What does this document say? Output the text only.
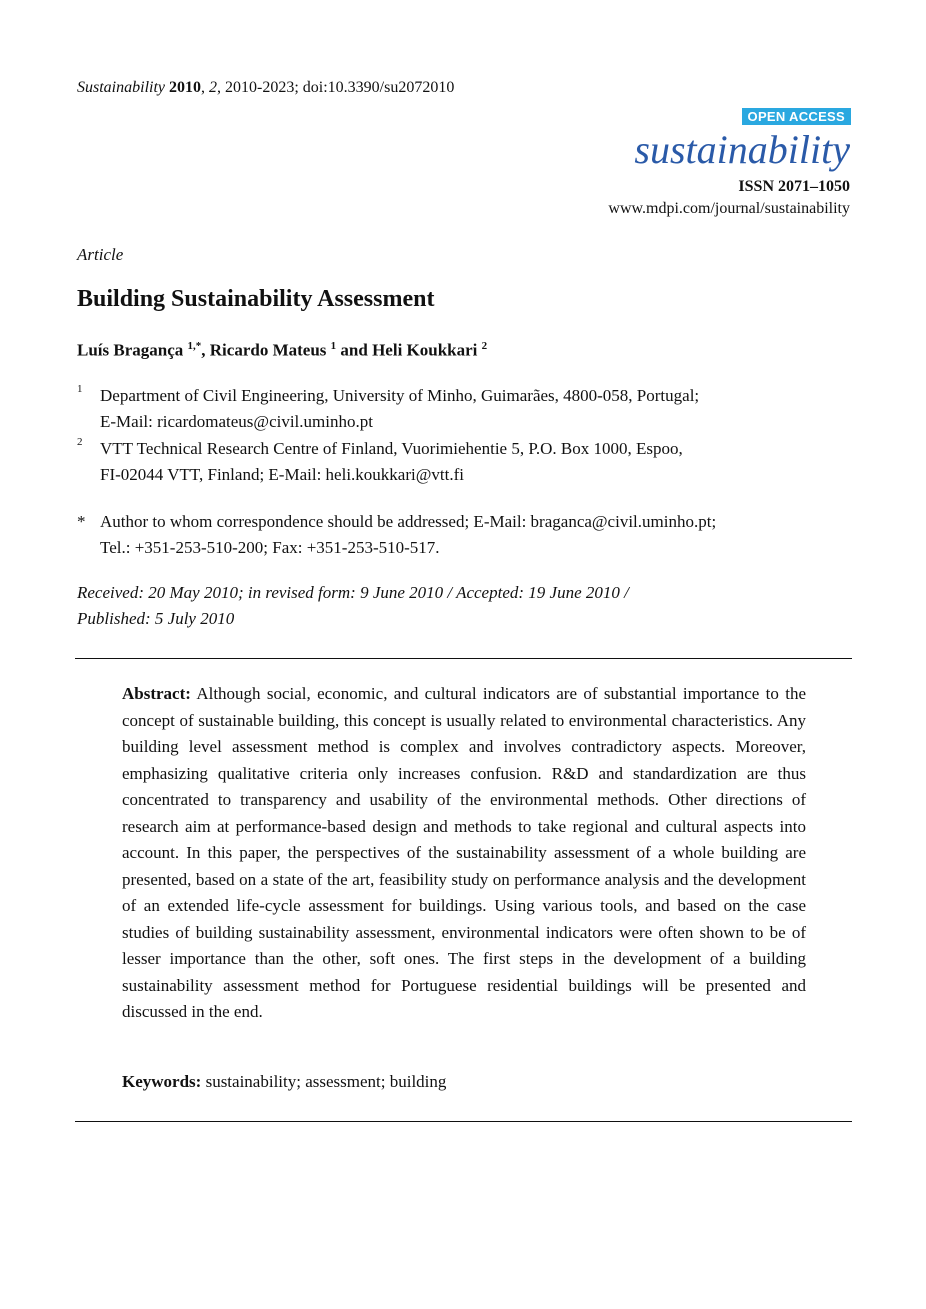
Sustainability 2010, 2, 2010-2023; doi:10.3390/su2072010
OPEN ACCESS
sustainability
ISSN 2071–1050
www.mdpi.com/journal/sustainability
Article
Building Sustainability Assessment
Luís Bragança $^{1,*}$, Ricardo Mateus $^1$ and Heli Koukkari $^2$
1 Department of Civil Engineering, University of Minho, Guimarães, 4800-058, Portugal;
E-Mail: ricardomateus@civil.uminho.pt
2 VTT Technical Research Centre of Finland, Vuorimiehentie 5, P.O. Box 1000, Espoo,
FI-02044 VTT, Finland; E-Mail: heli.koukkari@vtt.fi
* Author to whom correspondence should be addressed; E-Mail: braganca@civil.uminho.pt;
Tel.: +351-253-510-200; Fax: +351-253-510-517.
Received: 20 May 2010; in revised form: 9 June 2010 / Accepted: 19 June 2010 /
Published: 5 July 2010

Abstract: Although social, economic, and cultural indicators are of substantial importance to the concept of sustainable building, this concept is usually related to environmental characteristics. Any building level assessment method is complex and involves contradictory aspects. Moreover, emphasizing qualitative criteria only increases confusion. R&D and standardization are thus concentrated to transparency and usability of the environmental methods. Other directions of research aim at performance-based design and methods to take regional and cultural aspects into account. In this paper, the perspectives of the sustainability assessment of a whole building are presented, based on a state of the art, feasibility study on performance analysis and the development of an extended life-cycle assessment for buildings. Using various tools, and based on the case studies of building sustainability assessment, environmental indicators were often shown to be of lesser importance than the other, soft ones. The first steps in the development of a building sustainability assessment method for Portuguese residential buildings will be presented and discussed in the end.

Keywords: sustainability; assessment; building
